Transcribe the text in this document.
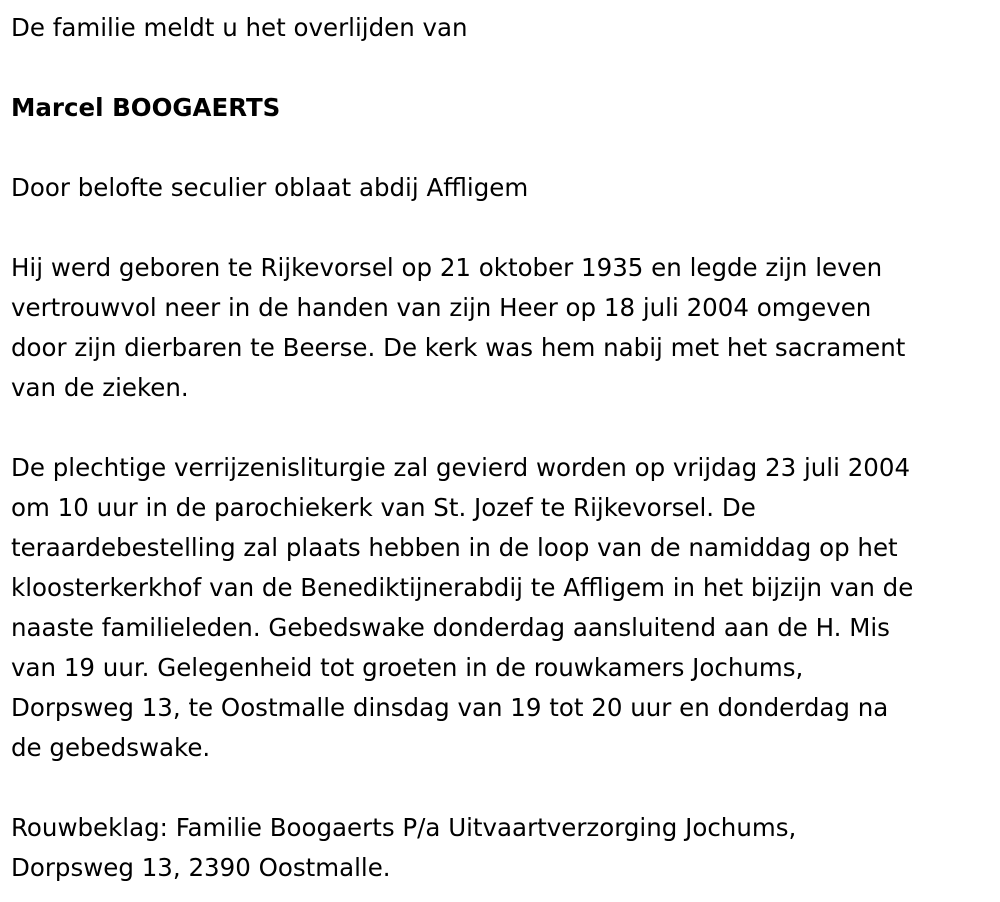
De familie meldt u het overlijden van
Marcel BOOGAERTS
Door belofte seculier oblaat abdij Affligem
Hij werd geboren te Rijkevorsel op 21 oktober 1935 en legde zijn leven
vertrouwvol neer in de handen van zijn Heer op 18 juli 2004 omgeven
door zijn dierbaren te Beerse. De kerk was hem nabij met het sacrament
van de zieken.
De plechtige verrijzenisliturgie zal gevierd worden op vrijdag 23 juli 2004
om 10 uur in de parochiekerk van St. Jozef te Rijkevorsel. De
teraardebestelling zal plaats hebben in de loop van de namiddag op het
kloosterkerkhof van de Benediktijnerabdij te Affligem in het bijzijn van de
naaste familieleden. Gebedswake donderdag aansluitend aan de H. Mis
van 19 uur. Gelegenheid tot groeten in de rouwkamers Jochums,
Dorpsweg 13, te Oostmalle dinsdag van 19 tot 20 uur en donderdag na
de gebedswake.
Rouwbeklag: Familie Boogaerts P/a Uitvaartverzorging Jochums,
Dorpsweg 13, 2390 Oostmalle.
